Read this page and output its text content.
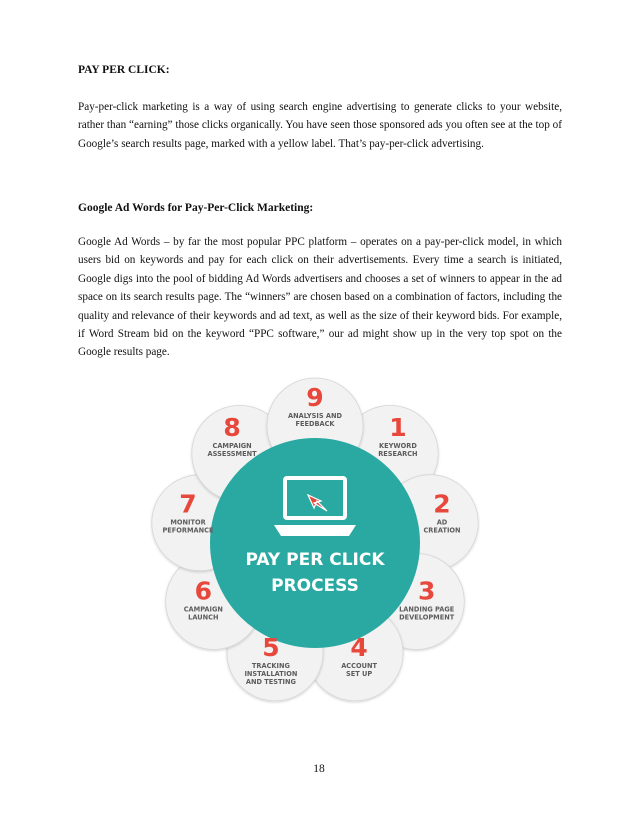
PAY PER CLICK:

Pay-per-click marketing is a way of using search engine advertising to generate clicks to your website, rather than “earning” those clicks organically. You have seen those sponsored ads you often see at the top of Google’s search results page, marked with a yellow label. That’s pay-per-click advertising.

Google Ad Words for Pay-Per-Click Marketing:

Google Ad Words – by far the most popular PPC platform – operates on a pay-per-click model, in which users bid on keywords and pay for each click on their advertisements. Every time a search is initiated, Google digs into the pool of bidding Ad Words advertisers and chooses a set of winners to appear in the ad space on its search results page. The “winners” are chosen based on a combination of factors, including the quality and relevance of their keywords and ad text, as well as the size of their keyword bids. For example, if Word Stream bid on the keyword “PPC software,” our ad might show up in the very top spot on the Google results page.

PAY PER CLICK
PROCESS
1
KEYWORD
RESEARCH
2
AD
CREATION
3
LANDING PAGE
DEVELOPMENT
4
ACCOUNT
SET UP
5
TRACKING
INSTALLATION
AND TESTING
6
CAMPAIGN
LAUNCH
7
MONITOR
PEFORMANCE
8
CAMPAIGN
ASSESSMENT
9
ANALYSIS AND
FEEDBACK
18
